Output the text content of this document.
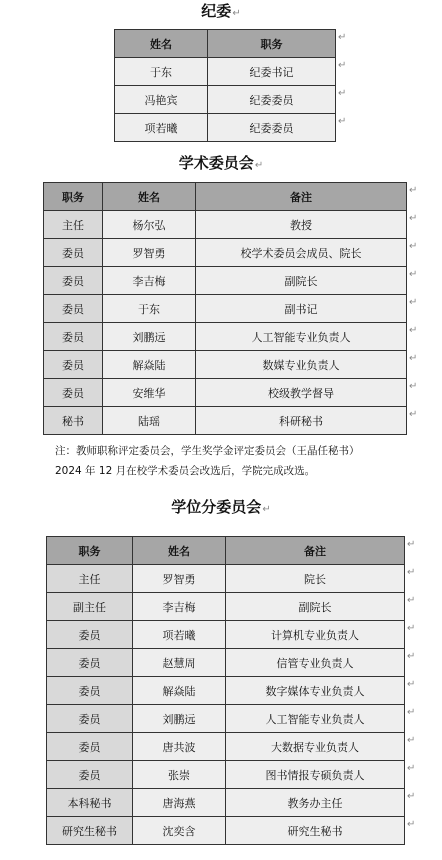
纪委↵
姓名	职务
于东	纪委书记
冯艳宾	纪委委员
项若曦	纪委委员
学术委员会↵
职务	姓名	备注
主任	杨尔弘	教授
委员	罗智勇	校学术委员会成员、院长
委员	李吉梅	副院长
委员	于东	副书记
委员	刘鹏远	人工智能专业负责人
委员	解焱陆	数媒专业负责人
委员	安维华	校级教学督导
秘书	陆瑶	科研秘书
注：教师职称评定委员会，学生奖学金评定委员会（王晶任秘书）
2024 年 12 月在校学术委员会改选后，学院完成改选。
学位分委员会↵
职务	姓名	备注
主任	罗智勇	院长
副主任	李吉梅	副院长
委员	项若曦	计算机专业负责人
委员	赵慧周	信管专业负责人
委员	解焱陆	数字媒体专业负责人
委员	刘鹏远	人工智能专业负责人
委员	唐共波	大数据专业负责人
委员	张崇	图书情报专硕负责人
本科秘书	唐海燕	教务办主任
研究生秘书	沈奕含	研究生秘书
↵
↵
↵
↵
↵
↵
↵
↵
↵
↵
↵
↵
↵
↵
↵
↵
↵
↵
↵
↵
↵
↵
↵
↵
